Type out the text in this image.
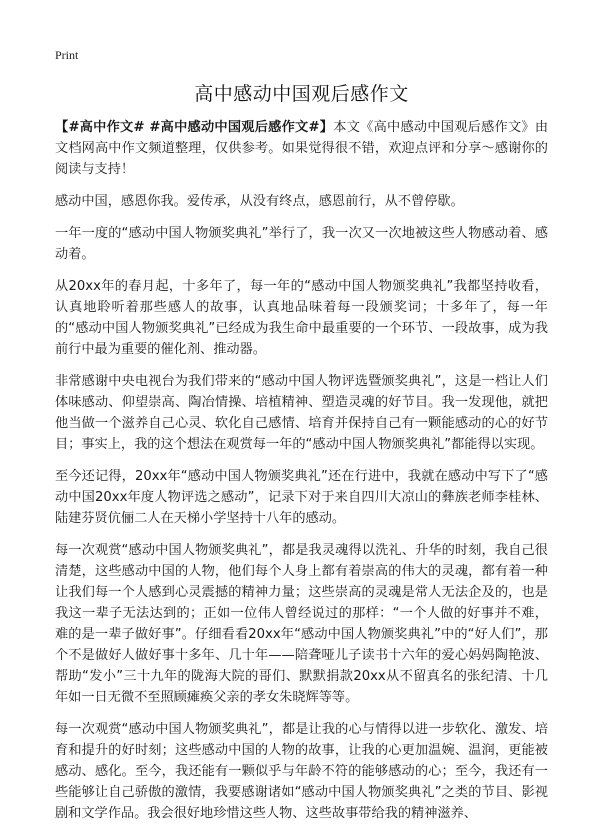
Print
高中感动中国观后感作文

【#高中作文# #高中感动中国观后感作文#】本文《高中感动中国观后感作文》由文档网高中作文频道整理，仅供参考。如果觉得很不错，欢迎点评和分享～感谢你的阅读与支持！

感动中国，感恩你我。爱传承，从没有终点，感恩前行，从不曾停歇。

一年一度的“感动中国人物颁奖典礼”举行了，我一次又一次地被这些人物感动着、感动着。

从20xx年的春月起，十多年了，每一年的“感动中国人物颁奖典礼”我都坚持收看，认真地聆听着那些感人的故事，认真地品味着每一段颁奖词；十多年了，每一年的“感动中国人物颁奖典礼”已经成为我生命中最重要的一个环节、一段故事，成为我前行中最为重要的催化剂、推动器。

非常感谢中央电视台为我们带来的“感动中国人物评选暨颁奖典礼”，这是一档让人们体味感动、仰望崇高、陶冶情操、培植精神、塑造灵魂的好节目。我一发现他，就把他当做一个滋养自己心灵、软化自己感情、培育并保持自己有一颗能感动的心的好节目；事实上，我的这个想法在观赏每一年的“感动中国人物颁奖典礼”都能得以实现。

至今还记得，20xx年“感动中国人物颁奖典礼”还在行进中，我就在感动中写下了“感动中国20xx年度人物评选之感动”，记录下对于来自四川大凉山的彝族老师李桂林、陆建芬贤伉俪二人在天梯小学坚持十八年的感动。

每一次观赏“感动中国人物颁奖典礼”，都是我灵魂得以洗礼、升华的时刻，我自己很清楚，这些感动中国的人物，他们每个人身上都有着崇高的伟大的灵魂，都有着一种让我们每一个人感到心灵震撼的精神力量；这些崇高的灵魂是常人无法企及的，也是我这一辈子无法达到的；正如一位伟人曾经说过的那样：“一个人做的好事并不难，难的是一辈子做好事”。仔细看看20xx年“感动中国人物颁奖典礼”中的“好人们”，那个不是做好人做好事十多年、几十年——陪聋哑儿子读书十六年的爱心妈妈陶艳波、帮助“发小”三十九年的陇海大院的哥们、默默捐款20xx从不留真名的张纪清、十几年如一日无微不至照顾瘫痪父亲的孝女朱晓辉等等。

每一次观赏“感动中国人物颁奖典礼”，都是让我的心与情得以进一步软化、激发、培育和提升的好时刻；这些感动中国的人物的故事，让我的心更加温婉、温润，更能被感动、感化。至今，我还能有一颗似乎与年龄不符的能够感动的心；至今，我还有一些能够让自己骄傲的激情，我要感谢诸如“感动中国人物颁奖典礼”之类的节目、影视剧和文学作品。我会很好地珍惜这些人物、这些故事带给我的精神滋养、
